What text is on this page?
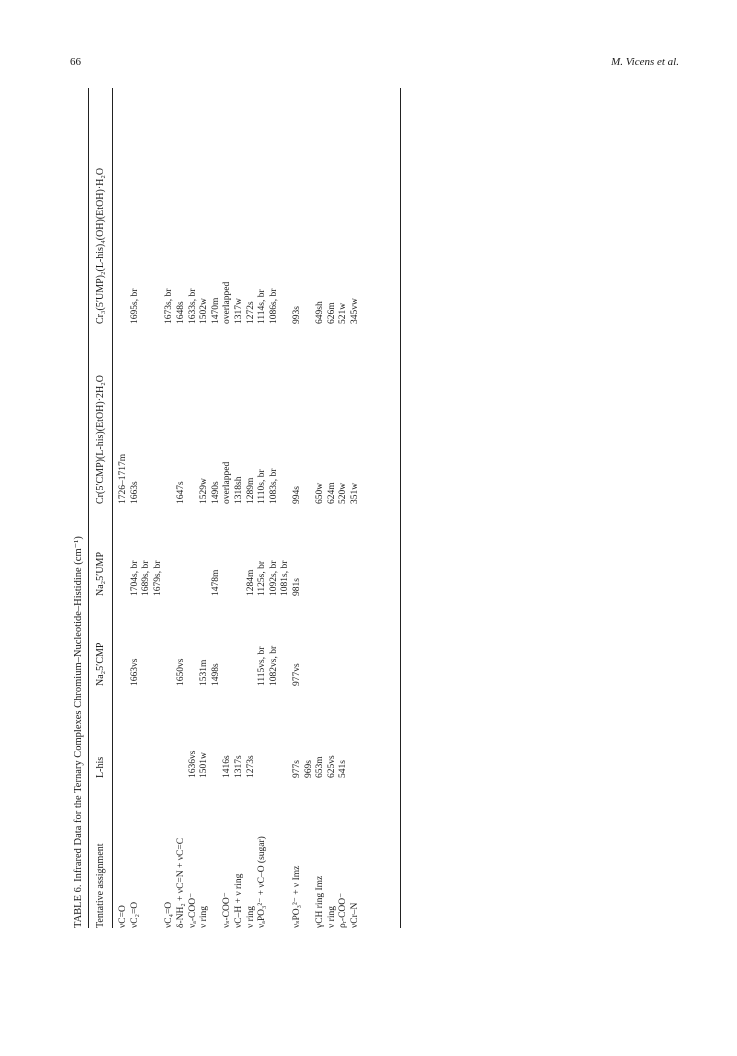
66	M. Vicens et al.
TABLE 6. Infrared Data for the Ternary Complexes Chromium–Nucleotide–Histidine (cm⁻¹) Tentative assignment
L-his
Na₂5′CMP
Na₂5′UMP
Cr(5′CMP)(L-his)(EtOH)·2H₂O
Cr₃(5′UMP)₂(L-his)₄(OH)(EtOH)·H₂O
νC=O
1726–1717m
νC₂=O
1663vs
1704s, br
1663s
1695s, br
1689s, br 1679s, br
νC₄=O
1673s, br
δ-NH₂ + νC=N + νC=C
1650vs
1647s
1648s
νₐ-COO⁻
1636vs
1633s, br
ν ring
1501w
1531m
1529w
1502w
1498s
1478m
1490s
1470m
νₛ-COO⁻
1416s
overlapped
overlapped
νC–H + ν ring
1317s
1318sh
1317w
ν ring
1273s
1284m
1289m
1272s
νₐPO₃²⁻ + νC–O (sugar)
1115vs, br
1125s, br
1110s, br
1114s, br
1082vs, br
1092s, br
1083s, br
1086s, br
1081s, br
νₛPO₃²⁻ + ν Imz
977s
977vs
981s
994s
993s
969s
γCH ring Imz
653m
650w
649sh
ν ring
625vs
624m
626m
ρᵣ-COO⁻
541s
520w
521w
νCr–N
351w
345vw
